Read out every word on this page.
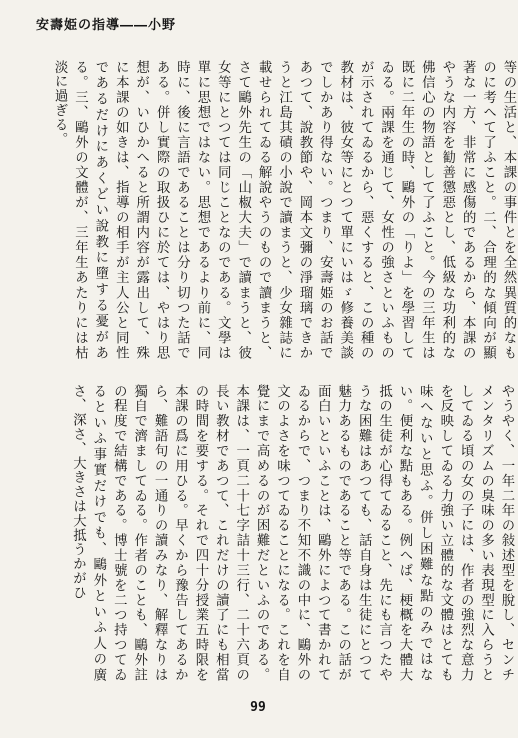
安壽姫の指導――小野
等の生活と、本課の事件とを全然異質的なものに考へて了ふこと。二、合理的な傾向が顯著な一方、非常に感傷的であるから、本課のやうな内容を勧善懲惡とし、低級な功利的な佛信心の物語として了ふこと。今の三年生は既に二年生の時、鷗外の「りよ」を學習してゐる。兩課を通じて、女性の強さといふものが示されてゐるから、惡くすると、この種の教材は、彼女等にとつて單にいはゞ修養美談でしかあり得ない。つまり、安壽姫のお話であつて、說教節や、岡本文彌の淨瑠璃できかうと江島其磧の小說で讀まうと、少女雜誌に載せられてゐる解說やうのもので讀まうと、さて鷗外先生の「山椒大夫」で讀まうと、彼女等にとつては同じことなのである。文學は單に思想ではない。思想であるより前に、同時に、後に言語であることは分り切つた話である。併し實際の取扱ひに於ては、やはり思想が、いひかへると所謂内容が露出して、殊に本課の如きは、指導の相手が主人公と同性であるだけにあくどい說教に墮する憂がある。三、鷗外の文體が、三年生あたりには枯淡に過ぎる。
やうやく、一年二年の敍述型を脫し、センチメンタリズムの臭味の多い表現型に入らうとしてゐる頃の女の子には、作者の強烈な意力を反映してゐる力強い立體的な文體はとても味へないと思ふ。併し困難な點のみではない。便利な點もある。例へば、梗概を大體大抵の生徒が心得てゐること、先にも言つたやうな困難はあつても、話自身は生徒にとつて魅力あるものであること等である。この話が面白いといふことは、鷗外によつて書かれてゐるからで、つまり不知不識の中に、鷗外の文のよさを味つてゐることになる。これを自覺にまで高めるのが困難だといふのである。本課は、一頁二十七字詰十三行、二十六頁の長い教材であつて、これだけの讀了にも相當の時間を要する。それで四十分授業五時限を本課の爲に用ひる。早くから豫告してあるから、難語句の一通りの讀みなり、解釋なりは獨自で濟ましてゐる。作者のことも、鷗外註の程度で結構である。博士號を二つ持つてゐるといふ事實だけでも、鷗外といふ人の廣さ、深さ、大きさは大抵うかがひ
99
